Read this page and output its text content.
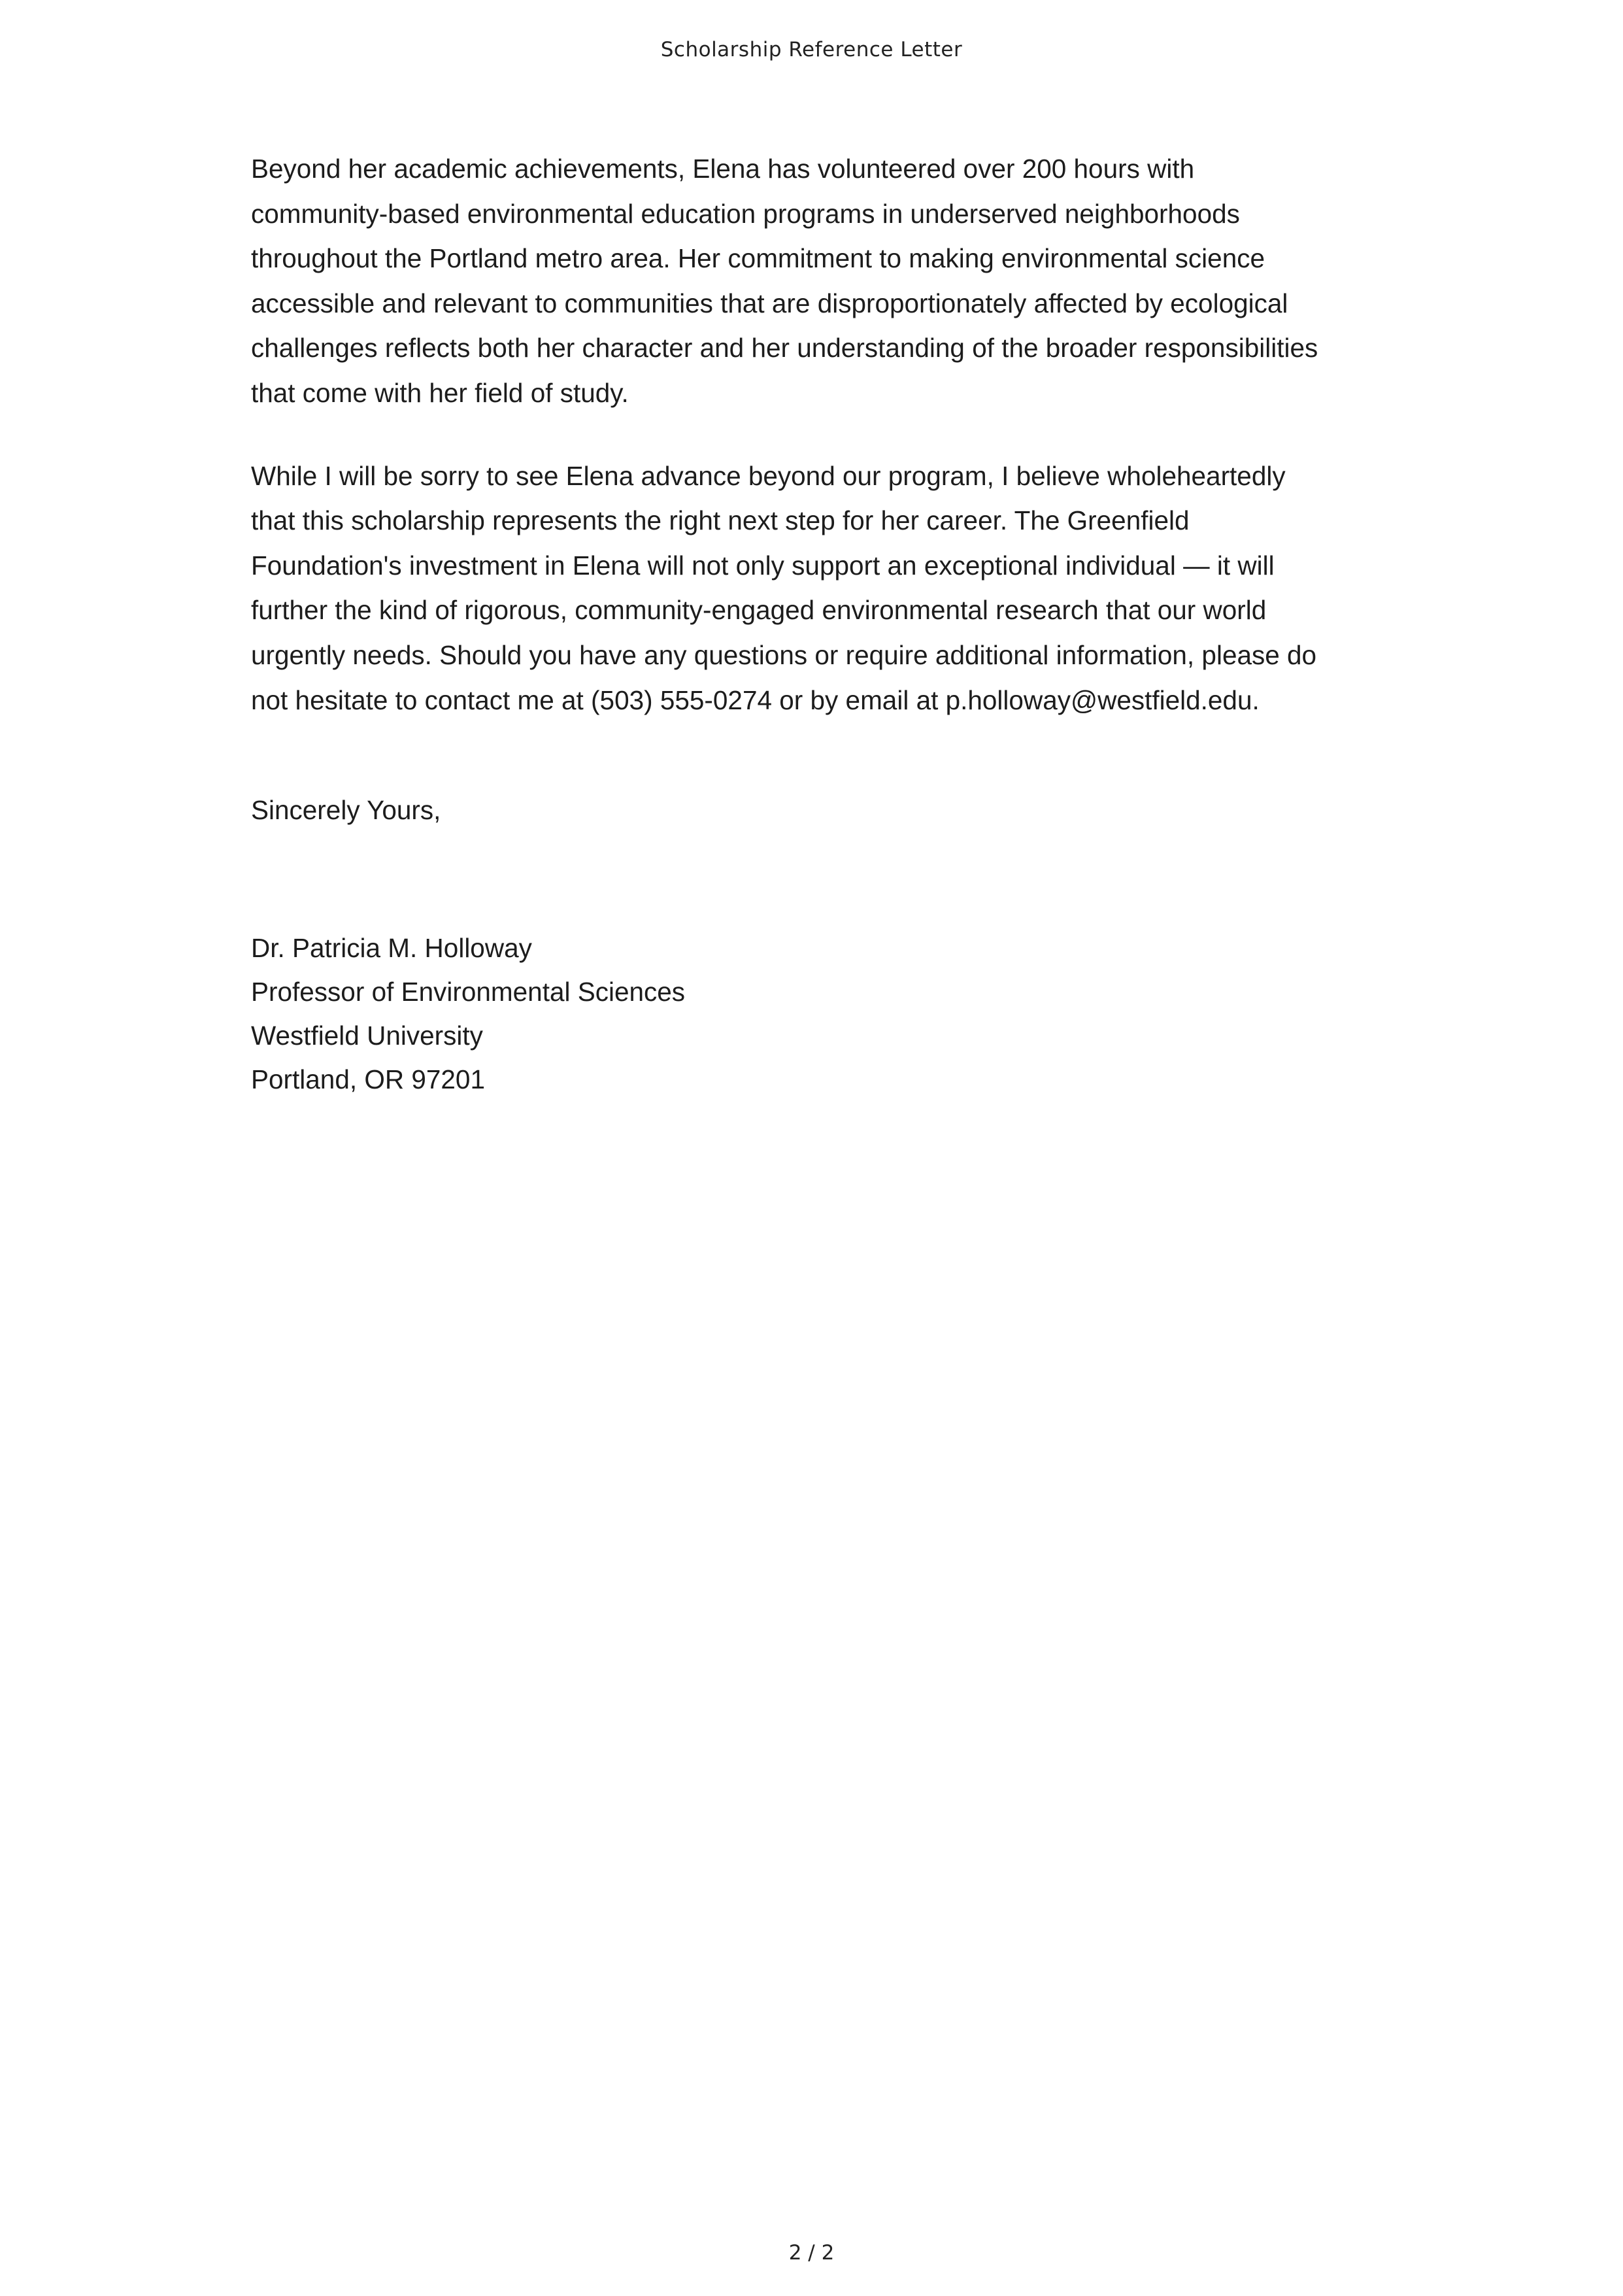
Scholarship Reference Letter

Beyond her academic achievements, Elena has volunteered over 200 hours with
community-based environmental education programs in underserved neighborhoods
throughout the Portland metro area. Her commitment to making environmental science
accessible and relevant to communities that are disproportionately affected by ecological
challenges reflects both her character and her understanding of the broader responsibilities
that come with her field of study.

While I will be sorry to see Elena advance beyond our program, I believe wholeheartedly
that this scholarship represents the right next step for her career. The Greenfield
Foundation's investment in Elena will not only support an exceptional individual — it will
further the kind of rigorous, community-engaged environmental research that our world
urgently needs. Should you have any questions or require additional information, please do
not hesitate to contact me at (503) 555-0274 or by email at p.holloway@westfield.edu.

Sincerely Yours,

Dr. Patricia M. Holloway
Professor of Environmental Sciences
Westfield University
Portland, OR 97201
2 / 2
